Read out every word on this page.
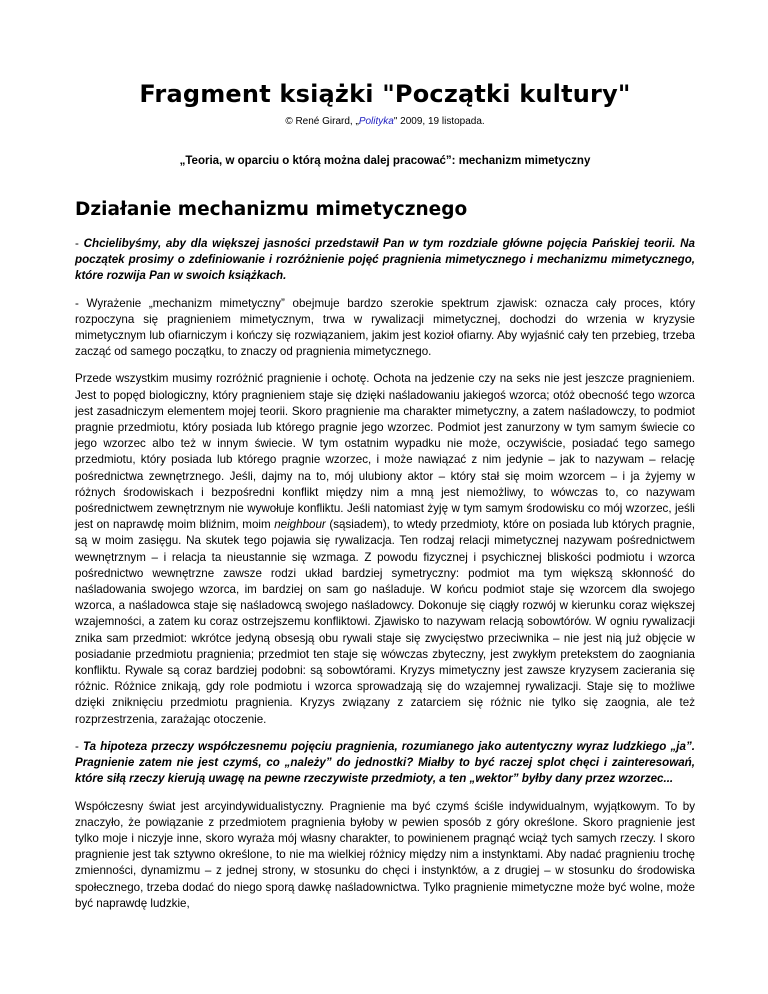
Fragment książki "Początki kultury"
© René Girard, „Polityka" 2009, 19 listopada.
„Teoria, w oparciu o którą można dalej pracować”: mechanizm mimetyczny
Działanie mechanizmu mimetycznego

- Chcielibyśmy, aby dla większej jasności przedstawił Pan w tym rozdziale główne pojęcia Pańskiej teorii. Na początek prosimy o zdefiniowanie i rozróżnienie pojęć pragnienia mimetycznego i mechanizmu mimetycznego, które rozwija Pan w swoich książkach.

- Wyrażenie „mechanizm mimetyczny” obejmuje bardzo szerokie spektrum zjawisk: oznacza cały proces, który rozpoczyna się pragnieniem mimetycznym, trwa w rywalizacji mimetycznej, dochodzi do wrzenia w kryzysie mimetycznym lub ofiarniczym i kończy się rozwiązaniem, jakim jest kozioł ofiarny. Aby wyjaśnić cały ten przebieg, trzeba zacząć od samego początku, to znaczy od pragnienia mimetycznego.

Przede wszystkim musimy rozróżnić pragnienie i ochotę. Ochota na jedzenie czy na seks nie jest jeszcze pragnieniem. Jest to popęd biologiczny, który pragnieniem staje się dzięki naśladowaniu jakiegoś wzorca; otóż obecność tego wzorca jest zasadniczym elementem mojej teorii. Skoro pragnienie ma charakter mimetyczny, a zatem naśladowczy, to podmiot pragnie przedmiotu, który posiada lub którego pragnie jego wzorzec. Podmiot jest zanurzony w tym samym świecie co jego wzorzec albo też w innym świecie. W tym ostatnim wypadku nie może, oczywiście, posiadać tego samego przedmiotu, który posiada lub którego pragnie wzorzec, i może nawiązać z nim jedynie – jak to nazywam – relację pośrednictwa zewnętrznego. Jeśli, dajmy na to, mój ulubiony aktor – który stał się moim wzorcem – i ja żyjemy w różnych środowiskach i bezpośredni konflikt między nim a mną jest niemożliwy, to wówczas to, co nazywam pośrednictwem zewnętrznym nie wywołuje konfliktu. Jeśli natomiast żyję w tym samym środowisku co mój wzorzec, jeśli jest on naprawdę moim bliźnim, moim neighbour (sąsiadem), to wtedy przedmioty, które on posiada lub których pragnie, są w moim zasięgu. Na skutek tego pojawia się rywalizacja. Ten rodzaj relacji mimetycznej nazywam pośrednictwem wewnętrznym – i relacja ta nieustannie się wzmaga. Z powodu fizycznej i psychicznej bliskości podmiotu i wzorca pośrednictwo wewnętrzne zawsze rodzi układ bardziej symetryczny: podmiot ma tym większą skłonność do naśladowania swojego wzorca, im bardziej on sam go naśladuje. W końcu podmiot staje się wzorcem dla swojego wzorca, a naśladowca staje się naśladowcą swojego naśladowcy. Dokonuje się ciągły rozwój w kierunku coraz większej wzajemności, a zatem ku coraz ostrzejszemu konfliktowi. Zjawisko to nazywam relacją sobowtórów. W ogniu rywalizacji znika sam przedmiot: wkrótce jedyną obsesją obu rywali staje się zwycięstwo przeciwnika – nie jest nią już objęcie w posiadanie przedmiotu pragnienia; przedmiot ten staje się wówczas zbyteczny, jest zwykłym pretekstem do zaogniania konfliktu. Rywale są coraz bardziej podobni: są sobowtórami. Kryzys mimetyczny jest zawsze kryzysem zacierania się różnic. Różnice znikają, gdy role podmiotu i wzorca sprowadzają się do wzajemnej rywalizacji. Staje się to możliwe dzięki zniknięciu przedmiotu pragnienia. Kryzys związany z zatarciem się różnic nie tylko się zaognia, ale też rozprzestrzenia, zarażając otoczenie.

- Ta hipoteza przeczy współczesnemu pojęciu pragnienia, rozumianego jako autentyczny wyraz ludzkiego „ja”. Pragnienie zatem nie jest czymś, co „należy” do jednostki? Miałby to być raczej splot chęci i zainteresowań, które siłą rzeczy kierują uwagę na pewne rzeczywiste przedmioty, a ten „wektor” byłby dany przez wzorzec...

Współczesny świat jest arcyindywidualistyczny. Pragnienie ma być czymś ściśle indywidualnym, wyjątkowym. To by znaczyło, że powiązanie z przedmiotem pragnienia byłoby w pewien sposób z góry określone. Skoro pragnienie jest tylko moje i niczyje inne, skoro wyraża mój własny charakter, to powinienem pragnąć wciąż tych samych rzeczy. I skoro pragnienie jest tak sztywno określone, to nie ma wielkiej różnicy między nim a instynktami. Aby nadać pragnieniu trochę zmienności, dynamizmu – z jednej strony, w stosunku do chęci i instynktów, a z drugiej – w stosunku do środowiska społecznego, trzeba dodać do niego sporą dawkę naśladownictwa. Tylko pragnienie mimetyczne może być wolne, może być naprawdę ludzkie,
